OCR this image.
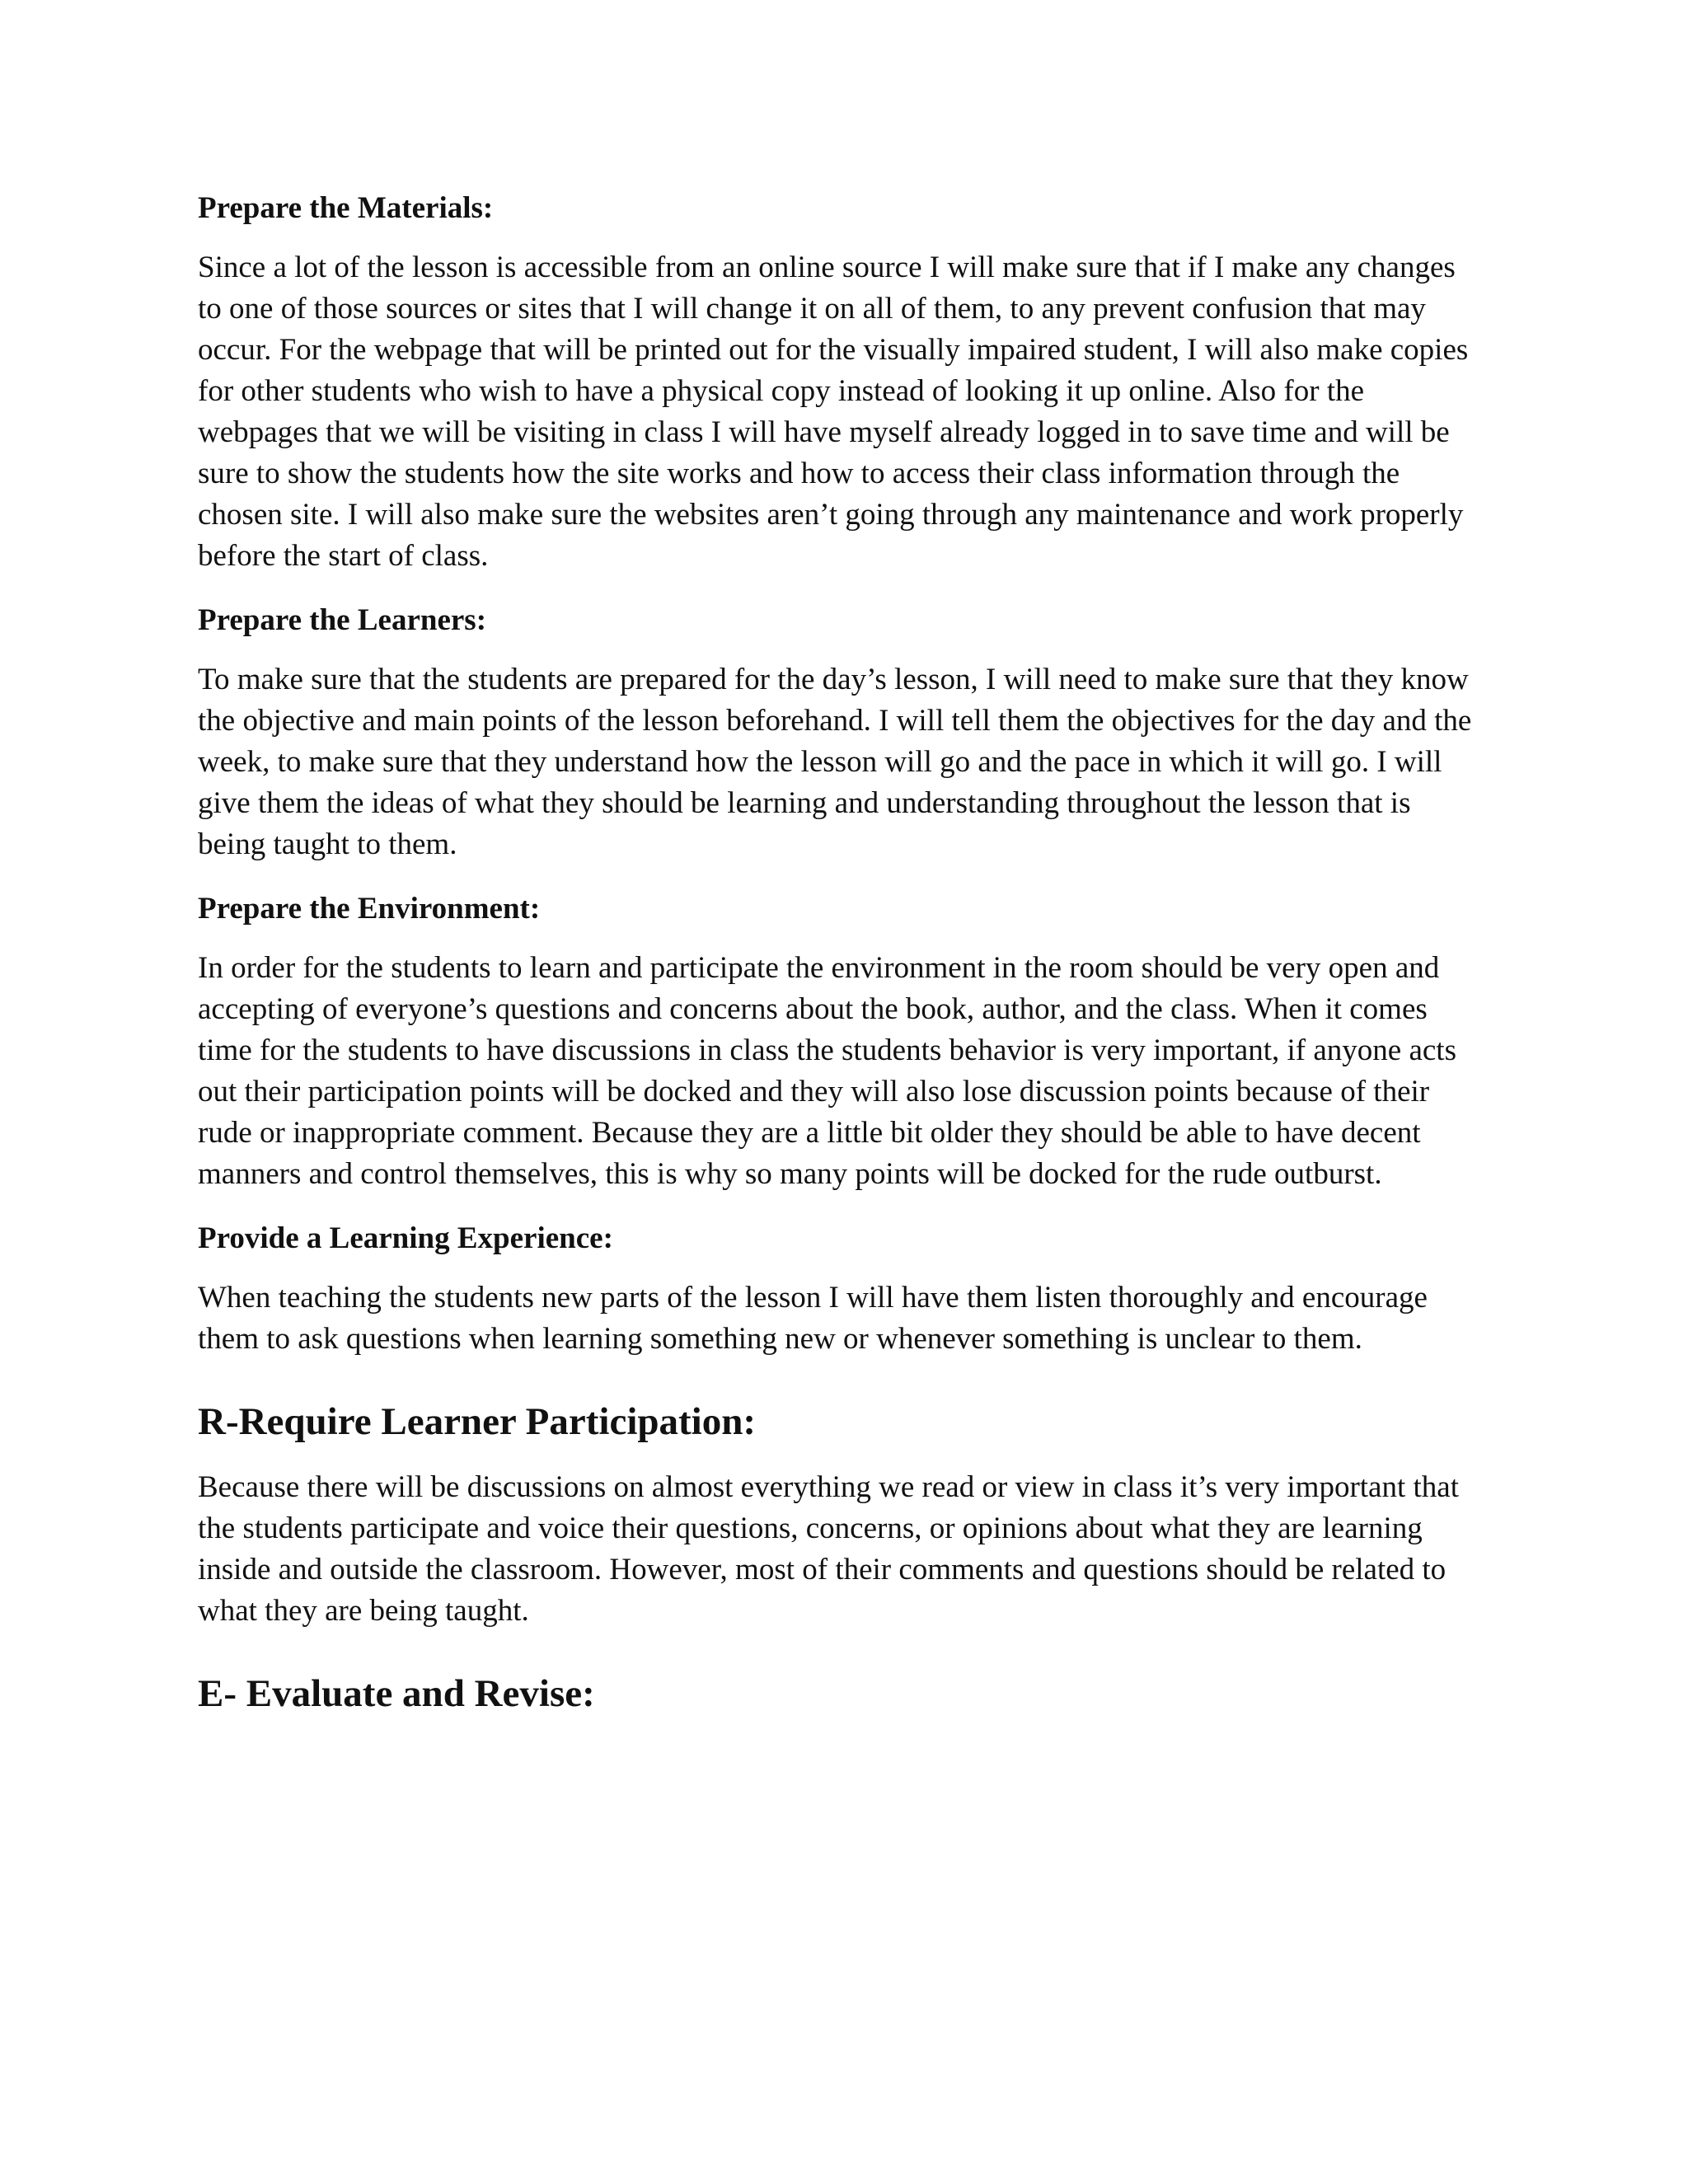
Prepare the Materials:
Since a lot of the lesson is accessible from an online source I will make sure that if I make any changes to one of those sources or sites that I will change it on all of them, to any prevent confusion that may occur. For the webpage that will be printed out for the visually impaired student, I will also make copies for other students who wish to have a physical copy instead of looking it up online. Also for the webpages that we will be visiting in class I will have myself already logged in to save time and will be sure to show the students how the site works and how to access their class information through the chosen site. I will also make sure the websites aren’t going through any maintenance and work properly before the start of class.
Prepare the Learners:
To make sure that the students are prepared for the day’s lesson, I will need to make sure that they know the objective and main points of the lesson beforehand. I will tell them the objectives for the day and the week, to make sure that they understand how the lesson will go and the pace in which it will go. I will give them the ideas of what they should be learning and understanding throughout the lesson that is being taught to them.
Prepare the Environment:
In order for the students to learn and participate the environment in the room should be very open and accepting of everyone’s questions and concerns about the book, author, and the class. When it comes time for the students to have discussions in class the students behavior is very important, if anyone acts out their participation points will be docked and they will also lose discussion points because of their rude or inappropriate comment. Because they are a little bit older they should be able to have decent manners and control themselves, this is why so many points will be docked for the rude outburst.
Provide a Learning Experience:
When teaching the students new parts of the lesson I will have them listen thoroughly and encourage them to ask questions when learning something new or whenever something is unclear to them.
R-Require Learner Participation:
Because there will be discussions on almost everything we read or view in class it’s very important that the students participate and voice their questions, concerns, or opinions about what they are learning inside and outside the classroom. However, most of their comments and questions should be related to what they are being taught.
E- Evaluate and Revise:
